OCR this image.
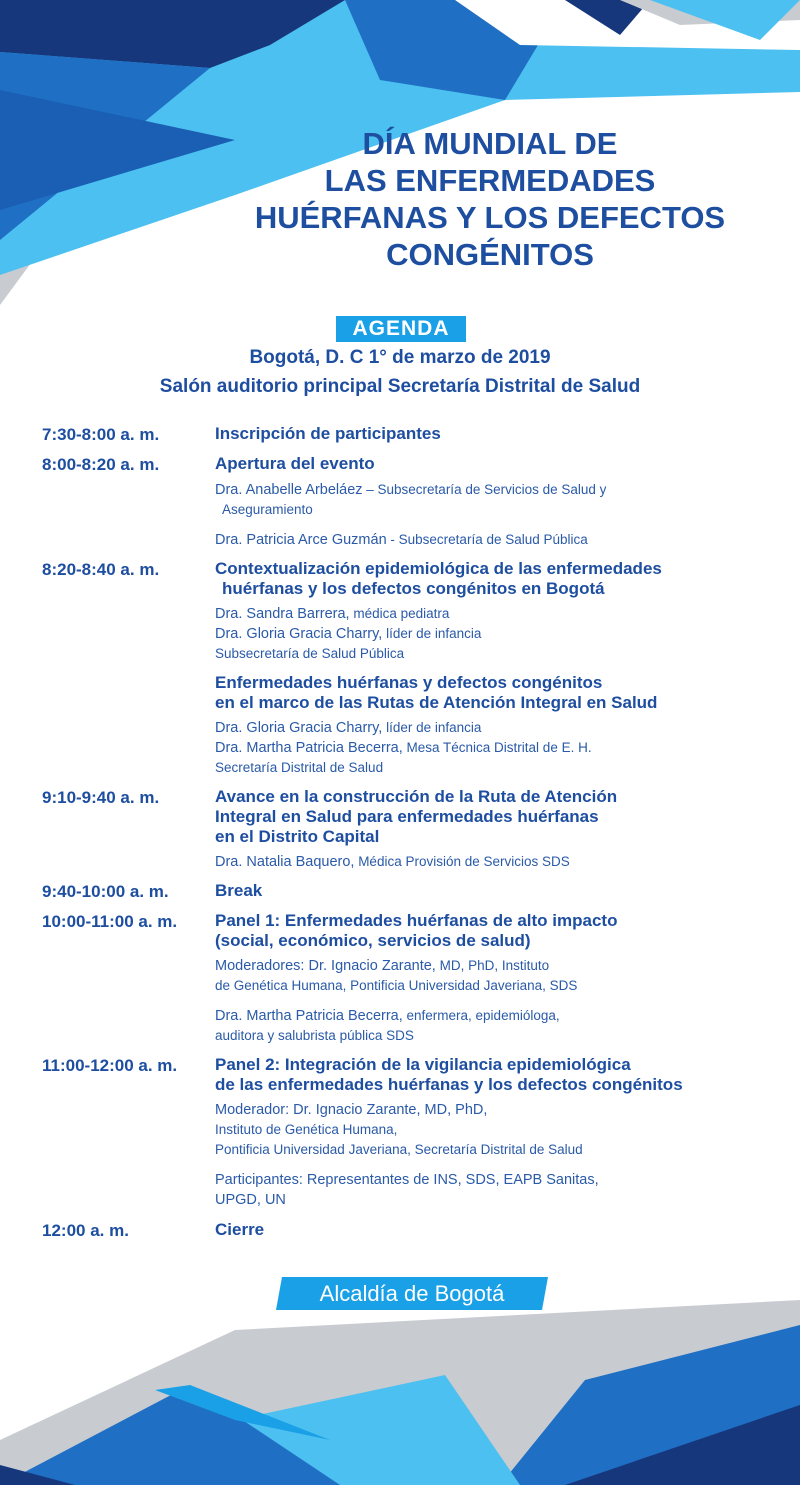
DÍA MUNDIAL DE
LAS ENFERMEDADES
HUÉRFANAS Y LOS DEFECTOS
CONGÉNITOS
AGENDA
Bogotá, D. C 1° de marzo de 2019
Salón auditorio principal Secretaría Distrital de Salud
7:30-8:00 a. m.	Inscripción de participantes
8:00-8:20 a. m.	Apertura del evento
Dra. Anabelle Arbeláez – Subsecretaría de Servicios de Salud y
Aseguramiento
Dra. Patricia Arce Guzmán - Subsecretaría de Salud Pública
8:20-8:40 a. m.	Contextualización epidemiológica de las enfermedades
huérfanas y los defectos congénitos en Bogotá
Dra. Sandra Barrera, médica pediatra
Dra. Gloria Gracia Charry, líder de infancia
Subsecretaría de Salud Pública
Enfermedades huérfanas y defectos congénitos
en el marco de las Rutas de Atención Integral en Salud
Dra. Gloria Gracia Charry, líder de infancia
Dra. Martha Patricia Becerra, Mesa Técnica Distrital de E. H.
Secretaría Distrital de Salud
9:10-9:40 a. m.	Avance en la construcción de la Ruta de Atención
Integral en Salud para enfermedades huérfanas
en el Distrito Capital
Dra. Natalia Baquero, Médica Provisión de Servicios SDS
9:40-10:00 a. m.	Break
10:00-11:00 a. m. Panel 1: Enfermedades huérfanas de alto impacto
(social, económico, servicios de salud)
Moderadores: Dr. Ignacio Zarante, MD, PhD, Instituto
de Genética Humana, Pontificia Universidad Javeriana, SDS
Dra. Martha Patricia Becerra, enfermera, epidemióloga,
auditora y salubrista pública SDS
11:00-12:00 a. m. Panel 2: Integración de la vigilancia epidemiológica
de las enfermedades huérfanas y los defectos congénitos
Moderador: Dr. Ignacio Zarante, MD, PhD,
Instituto de Genética Humana,
Pontificia Universidad Javeriana, Secretaría Distrital de Salud
Participantes: Representantes de INS, SDS, EAPB Sanitas,
UPGD, UN
12:00 a. m.	Cierre
Alcaldía de Bogotá
